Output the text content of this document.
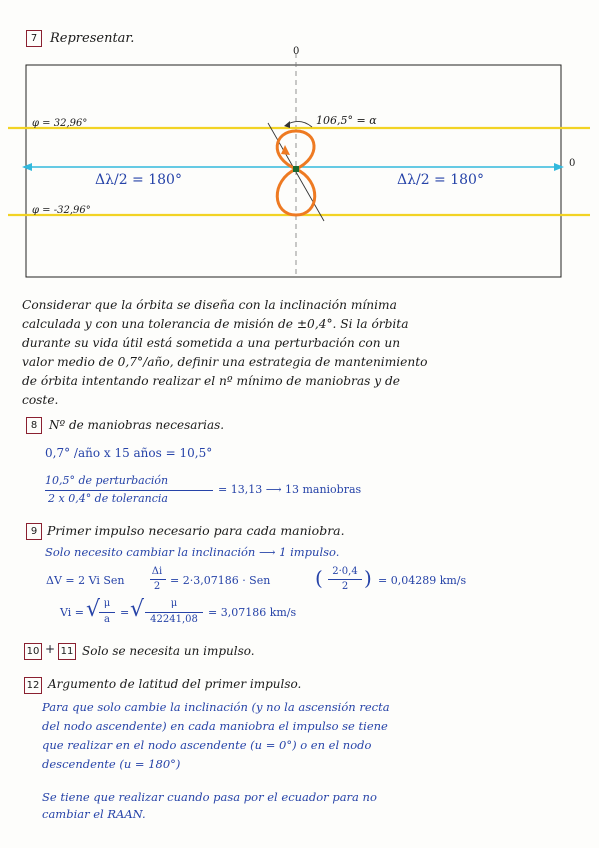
7 Representar.
0
0
φ = 32,96°
φ = -32,96°
106,5° = α
Δλ/2 = 180°	Δλ/2 = 180°
Considerar que la órbita se diseña con la inclinación mínima
calculada y con una tolerancia de misión de ±0,4°. Si la órbita
durante su vida útil está sometida a una perturbación con un
valor medio de 0,7°/año, definir una estrategia de mantenimiento
de órbita intentando realizar el nº mínimo de maniobras y de
coste.
8 Nº de maniobras necesarias.
0,7° /año x 15 años = 10,5°
10,5° de perturbación
2 x 0,4° de tolerancia
= 13,13 ⟶ 13 maniobras
9 Primer impulso necesario para cada maniobra.
Solo necesito cambiar la inclinación ⟶ 1 impulso.
ΔV = 2 Vi Sen
Δi
2 = 2·3,07186 · Sen ( 2·0,4
2 ) = 0,04289 km/s
Vi = √ μ
a
= √	μ
42241,08
= 3,07186 km/s
10 + 11 Solo se necesita un impulso.
12 Argumento de latitud del primer impulso.
Para que solo cambie la inclinación (y no la ascensión recta
del nodo ascendente) en cada maniobra el impulso se tiene
que realizar en el nodo ascendente (u = 0°) o en el nodo
descendente (u = 180°)
Se tiene que realizar cuando pasa por el ecuador para no
cambiar el RAAN.
